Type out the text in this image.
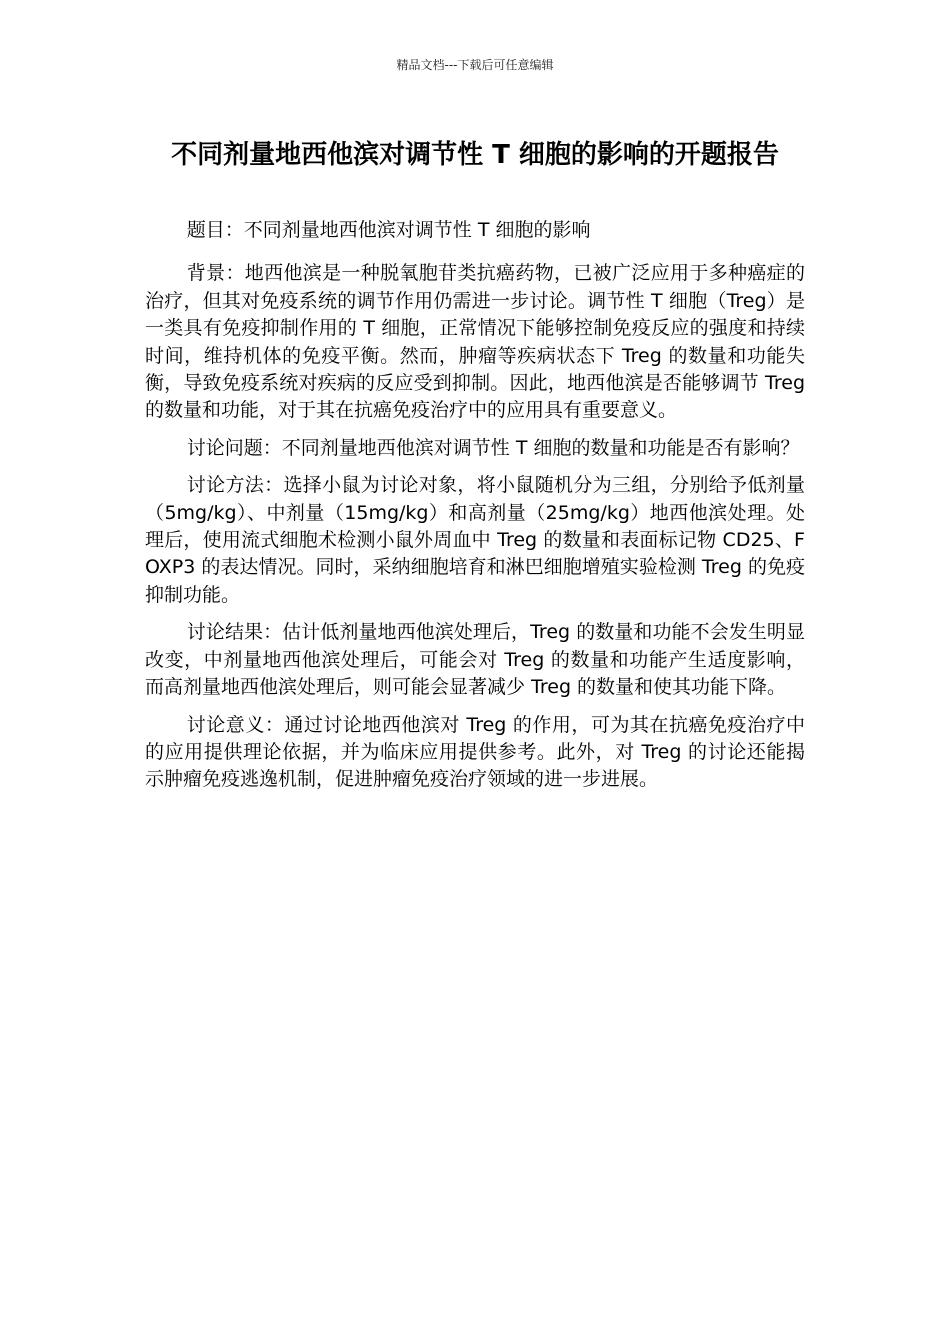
精品文档---下载后可任意编辑
不同剂量地西他滨对调节性 T 细胞的影响的开题报告

题目：不同剂量地西他滨对调节性 T 细胞的影响

背景：地西他滨是一种脱氧胞苷类抗癌药物，已被广泛应用于多种癌症的治疗，但其对免疫系统的调节作用仍需进一步讨论。调节性 T 细胞（Treg）是一类具有免疫抑制作用的 T 细胞，正常情况下能够控制免疫反应的强度和持续时间，维持机体的免疫平衡。然而，肿瘤等疾病状态下 Treg 的数量和功能失衡，导致免疫系统对疾病的反应受到抑制。因此，地西他滨是否能够调节 Treg 的数量和功能，对于其在抗癌免疫治疗中的应用具有重要意义。

讨论问题：不同剂量地西他滨对调节性 T 细胞的数量和功能是否有影响？

讨论方法：选择小鼠为讨论对象，将小鼠随机分为三组，分别给予低剂量（5mg/kg）、中剂量（15mg/kg）和高剂量（25mg/kg）地西他滨处理。处理后，使用流式细胞术检测小鼠外周血中 Treg 的数量和表面标记物 CD25、FOXP3 的表达情况。同时，采纳细胞培育和淋巴细胞增殖实验检测 Treg 的免疫抑制功能。

讨论结果：估计低剂量地西他滨处理后，Treg 的数量和功能不会发生明显改变，中剂量地西他滨处理后，可能会对 Treg 的数量和功能产生适度影响，而高剂量地西他滨处理后，则可能会显著减少 Treg 的数量和使其功能下降。

讨论意义：通过讨论地西他滨对 Treg 的作用，可为其在抗癌免疫治疗中的应用提供理论依据，并为临床应用提供参考。此外，对 Treg 的讨论还能揭示肿瘤免疫逃逸机制，促进肿瘤免疫治疗领域的进一步进展。
